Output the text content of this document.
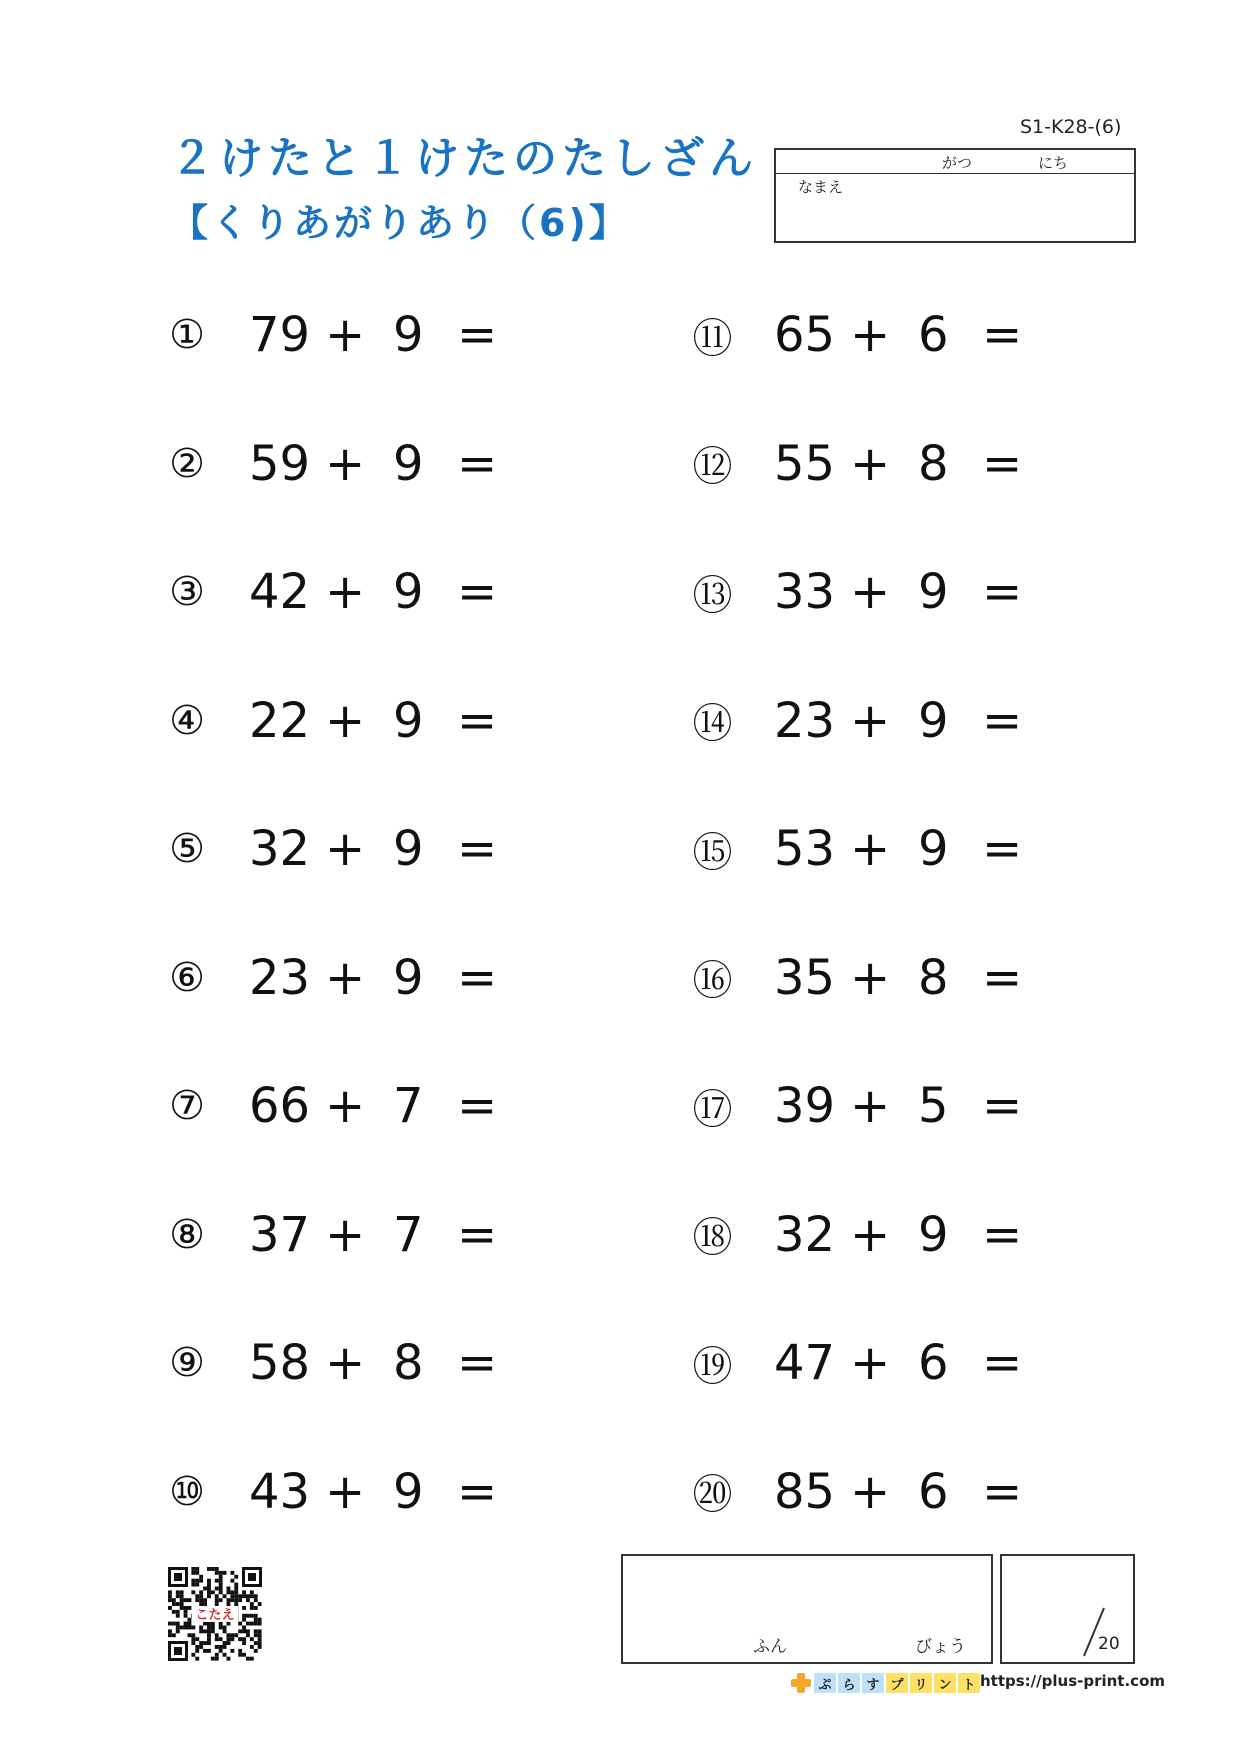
２けたと１けたのたしざん
【くりあがりあり（6)】
S1-K28-(6)
がつ	にち
なまえ
① 79 + 9 =
② 59 + 9 =
③ 42 + 9 =
④ 22 + 9 =
⑤ 32 + 9 =
⑥ 23 + 9 =
⑦ 66 + 7 =
⑧ 37 + 7 =
⑨ 58 + 8 =
⑩ 43 + 9 =
⑪ 65 + 6 =
⑫ 55 + 8 =
⑬ 33 + 9 =
⑭ 23 + 9 =
⑮ 53 + 9 =
⑯ 35 + 8 =
⑰ 39 + 5 =
⑱ 32 + 9 =
⑲ 47 + 6 =
⑳ 85 + 6 =
こたえ
ふん	びょう	20
ぷ ら す プ リ ン ト https://plus-print.com
